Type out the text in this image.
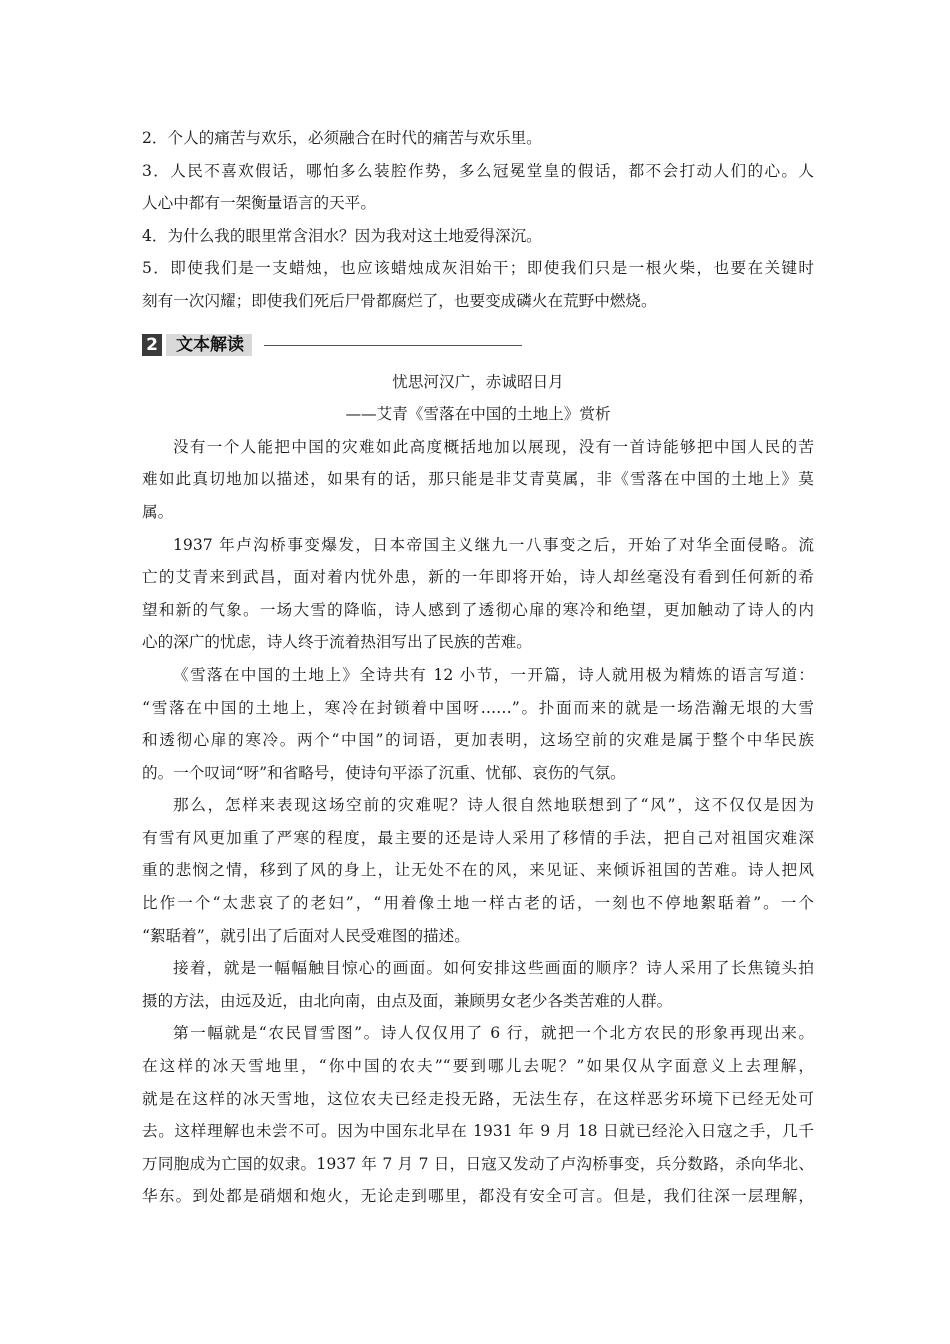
2．个人的痛苦与欢乐，必须融合在时代的痛苦与欢乐里。
3．人民不喜欢假话，哪怕多么装腔作势，多么冠冕堂皇的假话，都不会打动人们的心。人
人心中都有一架衡量语言的天平。
4．为什么我的眼里常含泪水？因为我对这土地爱得深沉。
5．即使我们是一支蜡烛，也应该蜡烛成灰泪始干；即使我们只是一根火柴，也要在关键时
刻有一次闪耀；即使我们死后尸骨都腐烂了，也要变成磷火在荒野中燃烧。
2	文本解读
忧思河汉广，赤诚昭日月
——艾青《雪落在中国的土地上》赏析
没有一个人能把中国的灾难如此高度概括地加以展现，没有一首诗能够把中国人民的苦
难如此真切地加以描述，如果有的话，那只能是非艾青莫属，非《雪落在中国的土地上》莫
属。
1937 年卢沟桥事变爆发，日本帝国主义继九一八事变之后，开始了对华全面侵略。流
亡的艾青来到武昌，面对着内忧外患，新的一年即将开始，诗人却丝毫没有看到任何新的希
望和新的气象。一场大雪的降临，诗人感到了透彻心扉的寒冷和绝望，更加触动了诗人的内
心的深广的忧虑，诗人终于流着热泪写出了民族的苦难。
《雪落在中国的土地上》全诗共有 12 小节，一开篇，诗人就用极为精炼的语言写道：
“雪落在中国的土地上，寒冷在封锁着中国呀……”。扑面而来的就是一场浩瀚无垠的大雪
和透彻心扉的寒冷。两个“中国”的词语，更加表明，这场空前的灾难是属于整个中华民族
的。一个叹词“呀”和省略号，使诗句平添了沉重、忧郁、哀伤的气氛。
那么，怎样来表现这场空前的灾难呢？诗人很自然地联想到了“风”，这不仅仅是因为
有雪有风更加重了严寒的程度，最主要的还是诗人采用了移情的手法，把自己对祖国灾难深
重的悲悯之情，移到了风的身上，让无处不在的风，来见证、来倾诉祖国的苦难。诗人把风
比作一个“太悲哀了的老妇”，“用着像土地一样古老的话，一刻也不停地絮聒着”。一个
“絮聒着”，就引出了后面对人民受难图的描述。
接着，就是一幅幅触目惊心的画面。如何安排这些画面的顺序？诗人采用了长焦镜头拍
摄的方法，由远及近，由北向南，由点及面，兼顾男女老少各类苦难的人群。
第一幅就是“农民冒雪图”。诗人仅仅用了 6 行，就把一个北方农民的形象再现出来。
在这样的冰天雪地里，“你中国的农夫”“要到哪儿去呢？”如果仅从字面意义上去理解，
就是在这样的冰天雪地，这位农夫已经走投无路，无法生存，在这样恶劣环境下已经无处可
去。这样理解也未尝不可。因为中国东北早在 1931 年 9 月 18 日就已经沦入日寇之手，几千
万同胞成为亡国的奴隶。1937 年 7 月 7 日，日寇又发动了卢沟桥事变，兵分数路，杀向华北、
华东。到处都是硝烟和炮火，无论走到哪里，都没有安全可言。但是，我们往深一层理解，
